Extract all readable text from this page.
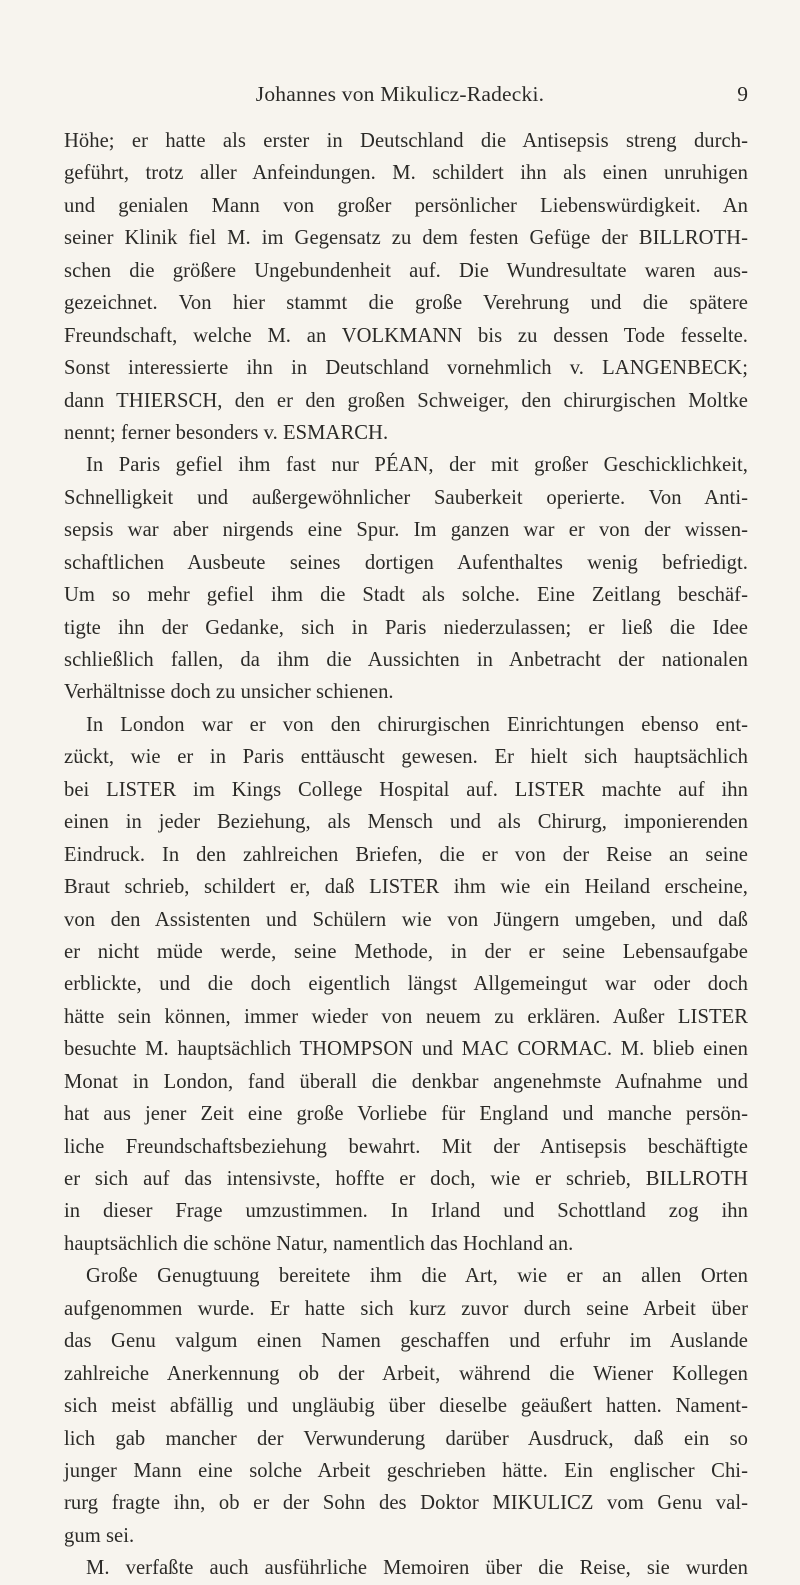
Johannes von Mikulicz-Radecki.	9
Höhe; er hatte als erster in Deutschland die Antisepsis streng durch-
geführt, trotz aller Anfeindungen. M. schildert ihn als einen unruhigen
und genialen Mann von großer persönlicher Liebenswürdigkeit. An
seiner Klinik fiel M. im Gegensatz zu dem festen Gefüge der BILLROTH-
schen die größere Ungebundenheit auf. Die Wundresultate waren aus-
gezeichnet. Von hier stammt die große Verehrung und die spätere
Freundschaft, welche M. an VOLKMANN bis zu dessen Tode fesselte.
Sonst interessierte ihn in Deutschland vornehmlich v. LANGENBECK;
dann THIERSCH, den er den großen Schweiger, den chirurgischen Moltke
nennt; ferner besonders v. ESMARCH.
In Paris gefiel ihm fast nur PÉAN, der mit großer Geschicklichkeit,
Schnelligkeit und außergewöhnlicher Sauberkeit operierte. Von Anti-
sepsis war aber nirgends eine Spur. Im ganzen war er von der wissen-
schaftlichen Ausbeute seines dortigen Aufenthaltes wenig befriedigt.
Um so mehr gefiel ihm die Stadt als solche. Eine Zeitlang beschäf-
tigte ihn der Gedanke, sich in Paris niederzulassen; er ließ die Idee
schließlich fallen, da ihm die Aussichten in Anbetracht der nationalen
Verhältnisse doch zu unsicher schienen.
In London war er von den chirurgischen Einrichtungen ebenso ent-
zückt, wie er in Paris enttäuscht gewesen. Er hielt sich hauptsächlich
bei LISTER im Kings College Hospital auf. LISTER machte auf ihn
einen in jeder Beziehung, als Mensch und als Chirurg, imponierenden
Eindruck. In den zahlreichen Briefen, die er von der Reise an seine
Braut schrieb, schildert er, daß LISTER ihm wie ein Heiland erscheine,
von den Assistenten und Schülern wie von Jüngern umgeben, und daß
er nicht müde werde, seine Methode, in der er seine Lebensaufgabe
erblickte, und die doch eigentlich längst Allgemeingut war oder doch
hätte sein können, immer wieder von neuem zu erklären. Außer LISTER
besuchte M. hauptsächlich THOMPSON und MAC CORMAC. M. blieb einen
Monat in London, fand überall die denkbar angenehmste Aufnahme und
hat aus jener Zeit eine große Vorliebe für England und manche persön-
liche Freundschaftsbeziehung bewahrt. Mit der Antisepsis beschäftigte
er sich auf das intensivste, hoffte er doch, wie er schrieb, BILLROTH
in dieser Frage umzustimmen. In Irland und Schottland zog ihn
hauptsächlich die schöne Natur, namentlich das Hochland an.
Große Genugtuung bereitete ihm die Art, wie er an allen Orten
aufgenommen wurde. Er hatte sich kurz zuvor durch seine Arbeit über
das Genu valgum einen Namen geschaffen und erfuhr im Auslande
zahlreiche Anerkennung ob der Arbeit, während die Wiener Kollegen
sich meist abfällig und ungläubig über dieselbe geäußert hatten. Nament-
lich gab mancher der Verwunderung darüber Ausdruck, daß ein so
junger Mann eine solche Arbeit geschrieben hätte. Ein englischer Chi-
rurg fragte ihn, ob er der Sohn des Doktor MIKULICZ vom Genu val-
gum sei.
M. verfaßte auch ausführliche Memoiren über die Reise, sie wurden
